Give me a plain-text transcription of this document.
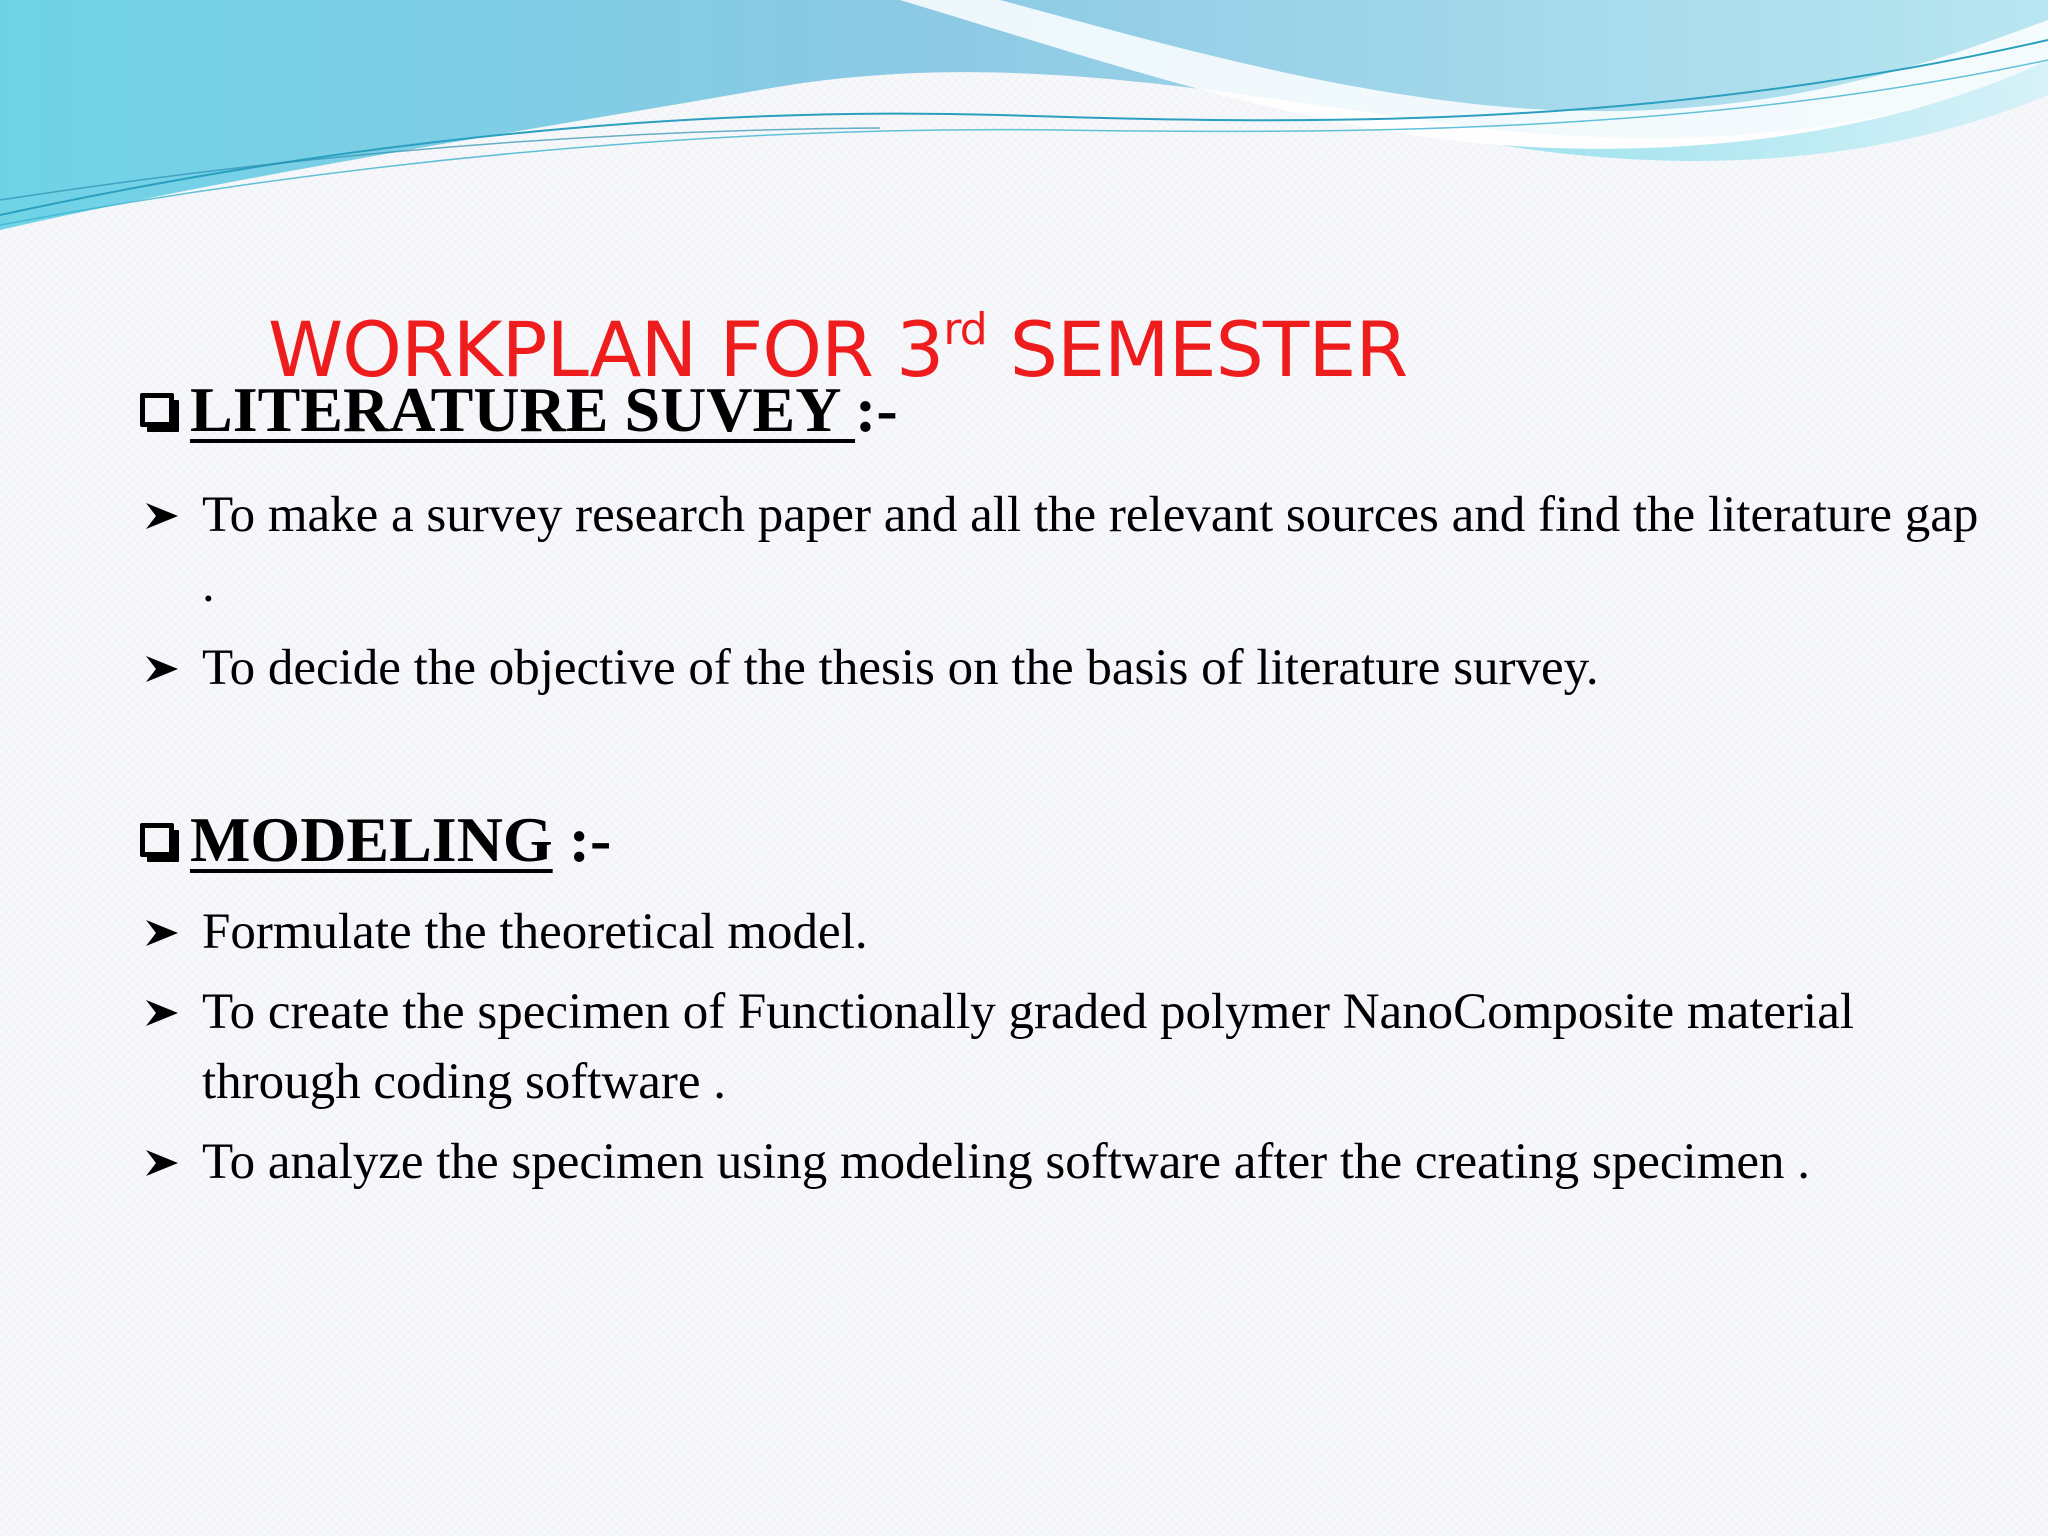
WORKPLAN FOR 3rd SEMESTER
LITERATURE SUVEY :-
To make a survey research paper and all the relevant sources and find the literature gap .
To decide the objective of the thesis on the basis of literature survey.
MODELING :-
Formulate the theoretical model.
To create the specimen of Functionally graded polymer NanoComposite material through coding software .
To analyze the specimen using modeling software after the creating specimen .
